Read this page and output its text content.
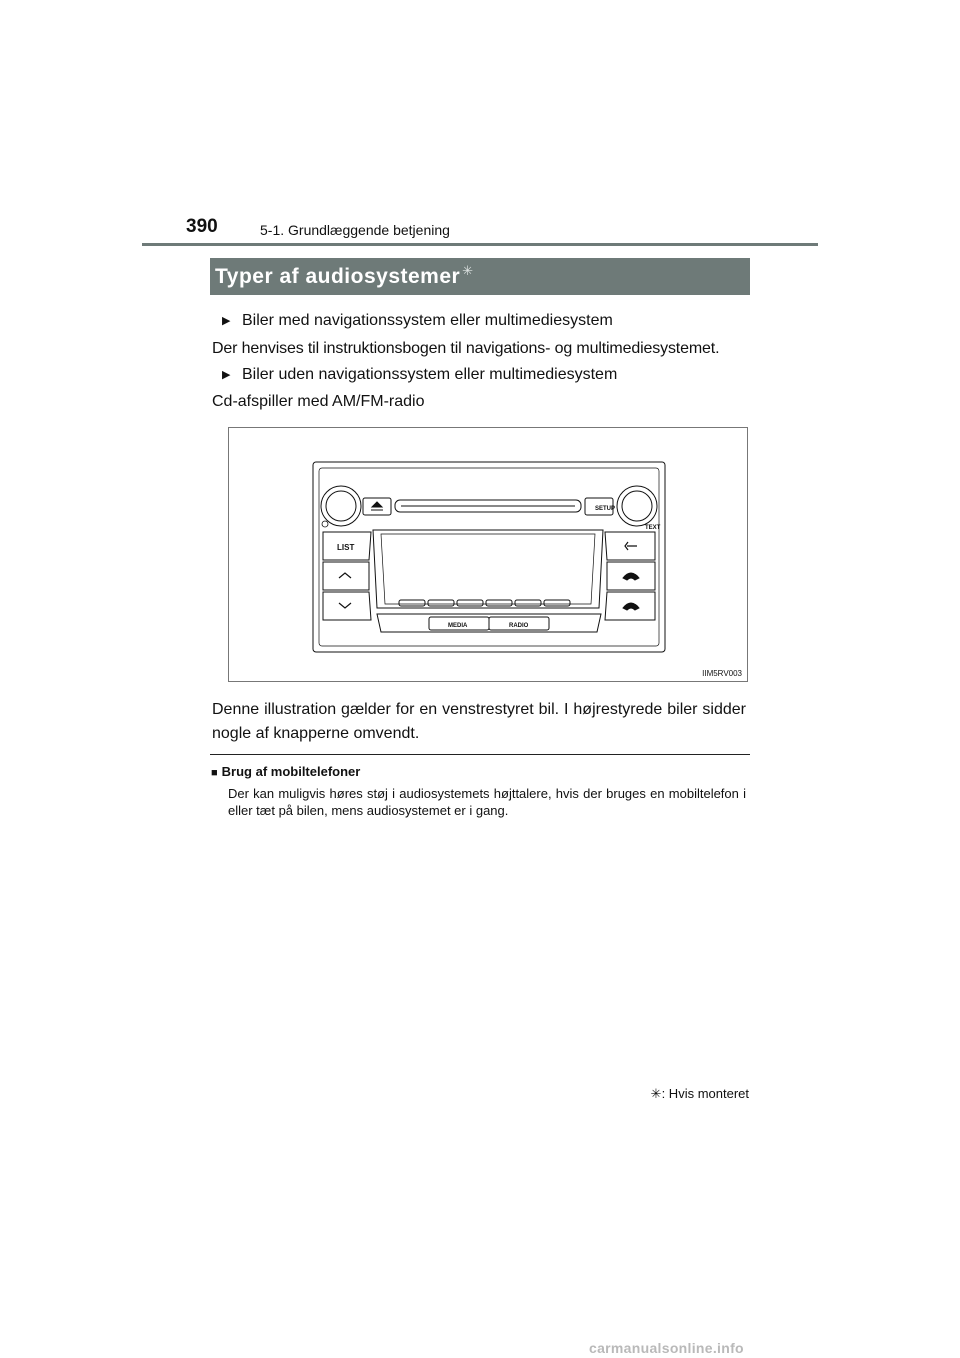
390	5-1. Grundlæggende betjening
Typer af audiosystemer ✳
▶ Biler med navigationssystem eller multimediesystem
Der henvises til instruktionsbogen til navigations- og multimediesystemet.
▶ Biler uden navigationssystem eller multimediesystem
Cd-afspiller med AM/FM-radio
SETUP
TEXT
LIST
MEDIA	RADIO
IIM5RV003
Denne illustration gælder for en venstrestyret bil. I højrestyrede biler sidder nogle af knapperne omvendt.
■ Brug af mobiltelefoner
Der kan muligvis høres støj i audiosystemets højttalere, hvis der bruges en mobiltelefon i eller tæt på bilen, mens audiosystemet er i gang.
✳: Hvis monteret
carmanualsonline.info
